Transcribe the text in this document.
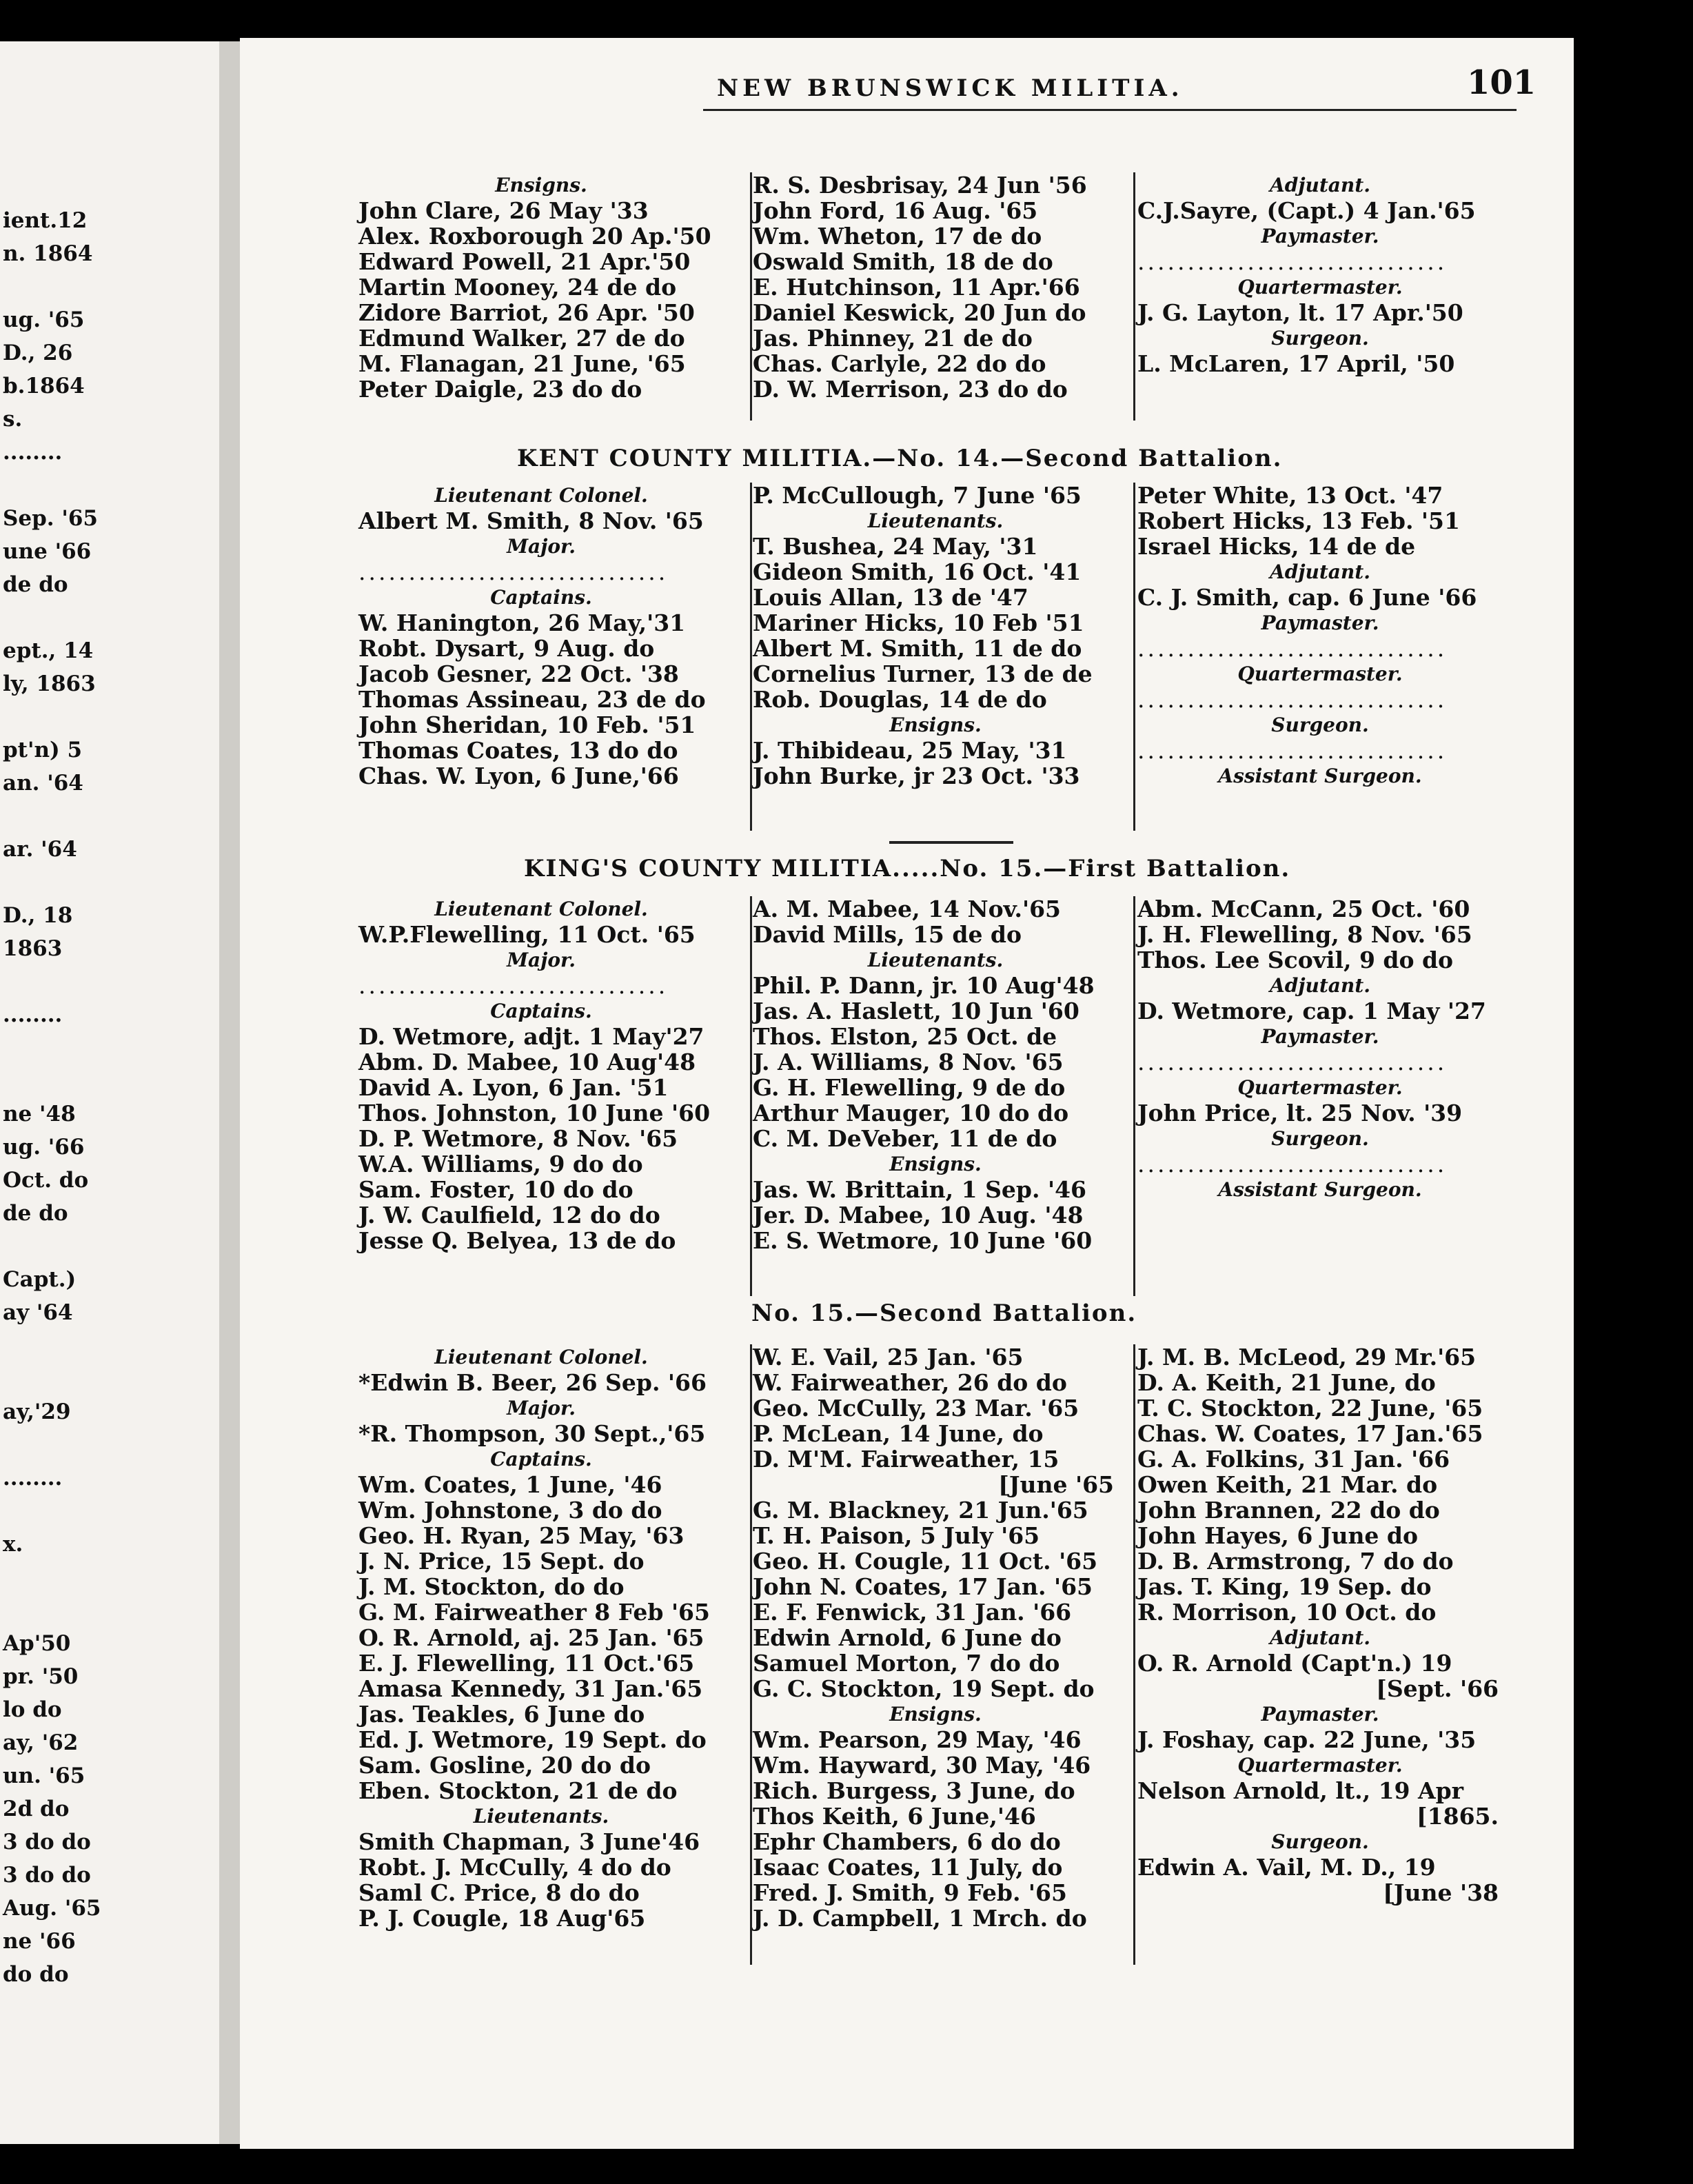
ient.12
n. 1864
ug. '65
D., 26
b.1864
s.
........
Sep. '65
une '66
de do
ept., 14
ly, 1863
pt'n) 5
an. '64
ar. '64
D., 18
1863
........
ne '48
ug. '66
Oct. do
de do
Capt.)
ay '64
ay,'29
........
x.
Ap'50
pr. '50
lo do
ay, '62
un. '65
2d do
3 do do
3 do do
Aug. '65
ne '66
do do
NEW BRUNSWICK MILITIA.	101
Ensigns.
John Clare, 26 May '33
Alex. Roxborough 20 Ap.'50
Edward Powell, 21 Apr.'50
Martin Mooney, 24 de do
Zidore Barriot, 26 Apr. '50
Edmund Walker, 27 de do
M. Flanagan, 21 June, '65
Peter Daigle, 23 do do
R. S. Desbrisay, 24 Jun '56
John Ford, 16 Aug. '65
Wm. Wheton, 17 de do
Oswald Smith, 18 de do
E. Hutchinson, 11 Apr.'66
Daniel Keswick, 20 Jun do
Jas. Phinney, 21 de do
Chas. Carlyle, 22 do do
D. W. Merrison, 23 do do
Adjutant.
C.J.Sayre, (Capt.) 4 Jan.'65
Paymaster.
...............................
Quartermaster.
J. G. Layton, lt. 17 Apr.'50
Surgeon.
L. McLaren, 17 April, '50
KENT COUNTY MILITIA.—No. 14.—Second Battalion.
Lieutenant Colonel.
Albert M. Smith, 8 Nov. '65
Major.
...............................
Captains.
W. Hanington, 26 May,'31
Robt. Dysart, 9 Aug. do
Jacob Gesner, 22 Oct. '38
Thomas Assineau, 23 de do
John Sheridan, 10 Feb. '51
Thomas Coates, 13 do do
Chas. W. Lyon, 6 June,'66
P. McCullough, 7 June '65
Lieutenants.
T. Bushea, 24 May, '31
Gideon Smith, 16 Oct. '41
Louis Allan, 13 de '47
Mariner Hicks, 10 Feb '51
Albert M. Smith, 11 de do
Cornelius Turner, 13 de de
Rob. Douglas, 14 de do
Ensigns.
J. Thibideau, 25 May, '31
John Burke, jr 23 Oct. '33
Peter White, 13 Oct. '47
Robert Hicks, 13 Feb. '51
Israel Hicks, 14 de de
Adjutant.
C. J. Smith, cap. 6 June '66
Paymaster.
...............................
Quartermaster.
...............................
Surgeon.
...............................
Assistant Surgeon.
KING'S COUNTY MILITIA.....No. 15.—First Battalion.
Lieutenant Colonel.
W.P.Flewelling, 11 Oct. '65
Major.
...............................
Captains.
D. Wetmore, adjt. 1 May'27
Abm. D. Mabee, 10 Aug'48
David A. Lyon, 6 Jan. '51
Thos. Johnston, 10 June '60
D. P. Wetmore, 8 Nov. '65
W.A. Williams, 9 do do
Sam. Foster, 10 do do
J. W. Caulfield, 12 do do
Jesse Q. Belyea, 13 de do
A. M. Mabee, 14 Nov.'65
David Mills, 15 de do
Lieutenants.
Phil. P. Dann, jr. 10 Aug'48
Jas. A. Haslett, 10 Jun '60
Thos. Elston, 25 Oct. de
J. A. Williams, 8 Nov. '65
G. H. Flewelling, 9 de do
Arthur Mauger, 10 do do
C. M. DeVeber, 11 de do
Ensigns.
Jas. W. Brittain, 1 Sep. '46
Jer. D. Mabee, 10 Aug. '48
E. S. Wetmore, 10 June '60
Abm. McCann, 25 Oct. '60
J. H. Flewelling, 8 Nov. '65
Thos. Lee Scovil, 9 do do
Adjutant.
D. Wetmore, cap. 1 May '27
Paymaster.
...............................
Quartermaster.
John Price, lt. 25 Nov. '39
Surgeon.
...............................
Assistant Surgeon.
No. 15.—Second Battalion.
Lieutenant Colonel.
*Edwin B. Beer, 26 Sep. '66
Major.
*R. Thompson, 30 Sept.,'65
Captains.
Wm. Coates, 1 June, '46
Wm. Johnstone, 3 do do
Geo. H. Ryan, 25 May, '63
J. N. Price, 15 Sept. do
J. M. Stockton, do do
G. M. Fairweather 8 Feb '65
O. R. Arnold, aj. 25 Jan. '65
E. J. Flewelling, 11 Oct.'65
Amasa Kennedy, 31 Jan.'65
Jas. Teakles, 6 June do
Ed. J. Wetmore, 19 Sept. do
Sam. Gosline, 20 do do
Eben. Stockton, 21 de do
Lieutenants.
Smith Chapman, 3 June'46
Robt. J. McCully, 4 do do
Saml C. Price, 8 do do
P. J. Cougle, 18 Aug'65
W. E. Vail, 25 Jan. '65
W. Fairweather, 26 do do
Geo. McCully, 23 Mar. '65
P. McLean, 14 June, do
D. M'M. Fairweather, 15
[June '65
G. M. Blackney, 21 Jun.'65
T. H. Paison, 5 July '65
Geo. H. Cougle, 11 Oct. '65
John N. Coates, 17 Jan. '65
E. F. Fenwick, 31 Jan. '66
Edwin Arnold, 6 June do
Samuel Morton, 7 do do
G. C. Stockton, 19 Sept. do
Ensigns.
Wm. Pearson, 29 May, '46
Wm. Hayward, 30 May, '46
Rich. Burgess, 3 June, do
Thos Keith, 6 June,'46
Ephr Chambers, 6 do do
Isaac Coates, 11 July, do
Fred. J. Smith, 9 Feb. '65
J. D. Campbell, 1 Mrch. do
J. M. B. McLeod, 29 Mr.'65
D. A. Keith, 21 June, do
T. C. Stockton, 22 June, '65
Chas. W. Coates, 17 Jan.'65
G. A. Folkins, 31 Jan. '66
Owen Keith, 21 Mar. do
John Brannen, 22 do do
John Hayes, 6 June do
D. B. Armstrong, 7 do do
Jas. T. King, 19 Sep. do
R. Morrison, 10 Oct. do
Adjutant.
O. R. Arnold (Capt'n.) 19
[Sept. '66
Paymaster.
J. Foshay, cap. 22 June, '35
Quartermaster.
Nelson Arnold, lt., 19 Apr
[1865.
Surgeon.
Edwin A. Vail, M. D., 19
[June '38
